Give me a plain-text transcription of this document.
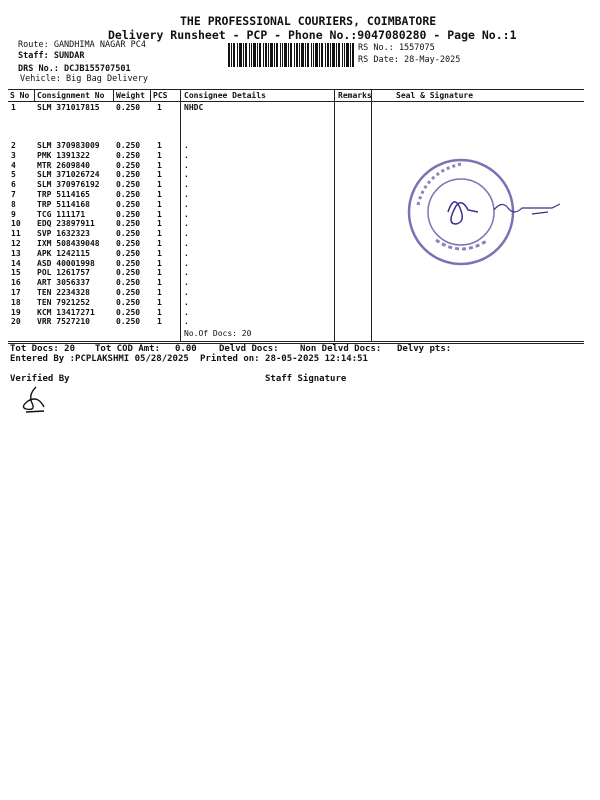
THE PROFESSIONAL COURIERS, COIMBATORE
Delivery Runsheet - PCP - Phone No.:9047080280 - Page No.:1
Route: GANDHIMA NAGAR PC4
Staff: SUNDAR
DRS No.: DCJB155707501
Vehicle: Big Bag Delivery
RS No.: 1557075
RS Date: 28-May-2025
S No Consignment No Weight PCS Consignee Details	Remarks	Seal & Signature
1	SLM 371017815 0.250 1	NHDC
2	SLM 370983009 0.250 1	.
3	PMK 1391322	0.250 1	.
4	MTR 2609840	0.250 1	.
5	SLM 371026724 0.250 1	.
6	SLM 370976192 0.250 1	.
7	TRP 5114165	0.250 1	.
8	TRP 5114168	0.250 1	.
9	TCG 111171	0.250 1	.
10 EDQ 23897911	0.250 1	.
11 SVP 1632323	0.250 1	.
12 IXM 508439048 0.250 1	.
13 APK 1242115	0.250 1	.
14 ASD 40001998	0.250 1	.
15 POL 1261757	0.250 1	.
16 ART 3056337	0.250 1	.
17 TEN 2234328	0.250 1	.
18 TEN 7921252	0.250 1	.
19 KCM 13417271	0.250 1	.
20 VRR 7527210	0.250 1	.
No.Of Docs: 20
Tot Docs: 20 Tot COD Amt: 0.00 Delvd Docs: Non Delvd Docs: Delvy pts:
Entered By :PCPLAKSHMI 05/28/2025 Printed on: 28-05-2025 12:14:51
Verified By	Staff Signature
